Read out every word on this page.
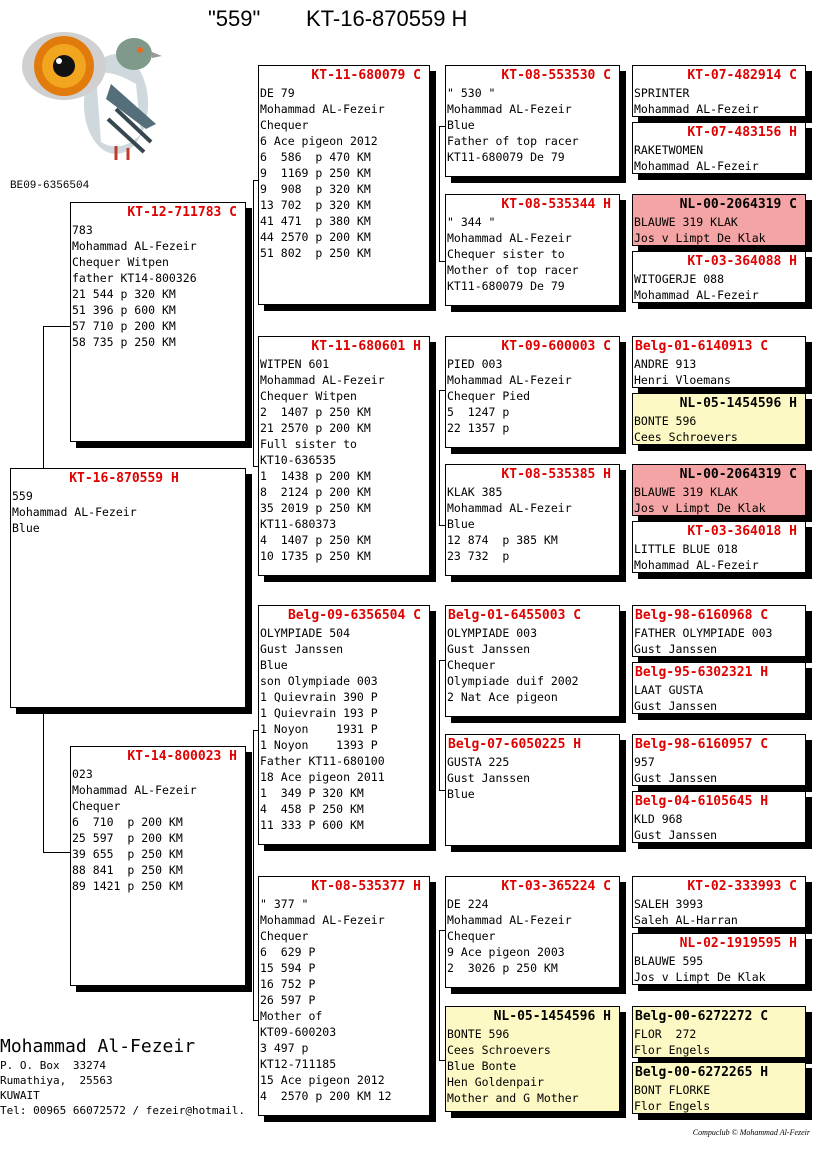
"559" KT-16-870559 H
BE09-6356504
KT-16-870559 H
559
Mohammad AL-Fezeir
Blue
KT-12-711783 C
783
Mohammad AL-Fezeir
Chequer Witpen
father KT14-800326
21 544 p 320 KM
51 396 p 600 KM
57 710 p 200 KM
58 735 p 250 KM
KT-14-800023 H
023
Mohammad AL-Fezeir
Chequer
6  710  p 200 KM
25 597  p 200 KM
39 655  p 250 KM
88 841  p 250 KM
89 1421 p 250 KM
KT-11-680079 C
DE 79
Mohammad AL-Fezeir
Chequer
6 Ace pigeon 2012
6  586  p 470 KM
9  1169 p 250 KM
9  908  p 320 KM
13 702  p 320 KM
41 471  p 380 KM
44 2570 p 200 KM
51 802  p 250 KM
KT-11-680601 H
WITPEN 601
Mohammad AL-Fezeir
Chequer Witpen
2  1407 p 250 KM
21 2570 p 200 KM
Full sister to
KT10-636535
1  1438 p 200 KM
8  2124 p 200 KM
35 2019 p 250 KM
KT11-680373
4  1407 p 250 KM
10 1735 p 250 KM
Belg-09-6356504 C
OLYMPIADE 504
Gust Janssen
Blue
son Olympiade 003
1 Quievrain 390 P
1 Quievrain 193 P
1 Noyon    1931 P
1 Noyon    1393 P
Father KT11-680100
18 Ace pigeon 2011
1  349 P 320 KM
4  458 P 250 KM
11 333 P 600 KM
KT-08-535377 H
" 377 "
Mohammad AL-Fezeir
Chequer
6  629 P
15 594 P
16 752 P
26 597 P
Mother of
KT09-600203
3 497 p
KT12-711185
15 Ace pigeon 2012
4  2570 p 200 KM 12
KT-08-553530 C
" 530 "
Mohammad AL-Fezeir
Blue
Father of top racer
KT11-680079 De 79
KT-08-535344 H
" 344 "
Mohammad AL-Fezeir
Chequer sister to
Mother of top racer
KT11-680079 De 79
KT-09-600003 C
PIED 003
Mohammad AL-Fezeir
Chequer Pied
5  1247 p
22 1357 p
KT-08-535385 H
KLAK 385
Mohammad AL-Fezeir
Blue
12 874  p 385 KM
23 732  p
Belg-01-6455003 C
OLYMPIADE 003
Gust Janssen
Chequer
Olympiade duif 2002
2 Nat Ace pigeon
Belg-07-6050225 H
GUSTA 225
Gust Janssen
Blue
KT-03-365224 C
DE 224
Mohammad AL-Fezeir
Chequer
9 Ace pigeon 2003
2  3026 p 250 KM
NL-05-1454596 H
BONTE 596
Cees Schroevers
Blue Bonte
Hen Goldenpair
Mother and G Mother
KT-07-482914 C
SPRINTER
Mohammad AL-Fezeir
KT-07-483156 H
RAKETWOMEN
Mohammad AL-Fezeir
NL-00-2064319 C
BLAUWE 319 KLAK
Jos v Limpt De Klak
KT-03-364088 H
WITOGERJE 088
Mohammad AL-Fezeir
Belg-01-6140913 C
ANDRE 913
Henri Vloemans
NL-05-1454596 H
BONTE 596
Cees Schroevers
NL-00-2064319 C
BLAUWE 319 KLAK
Jos v Limpt De Klak
KT-03-364018 H
LITTLE BLUE 018
Mohammad AL-Fezeir
Belg-98-6160968 C
FATHER OLYMPIADE 003
Gust Janssen
Belg-95-6302321 H
LAAT GUSTA
Gust Janssen
Belg-98-6160957 C
957
Gust Janssen
Belg-04-6105645 H
KLD 968
Gust Janssen
KT-02-333993 C
SALEH 3993
Saleh AL-Harran
NL-02-1919595 H
BLAUWE 595
Jos v Limpt De Klak
Belg-00-6272272 C
FLOR  272
Flor Engels
Belg-00-6272265 H
BONT FLORKE
Flor Engels
Mohammad Al-Fezeir
P. O. Box  33274
Rumathiya,  25563
KUWAIT
Tel: 00965 66072572 / fezeir@hotmail.
Compuclub © Mohammad Al-Fezeir
